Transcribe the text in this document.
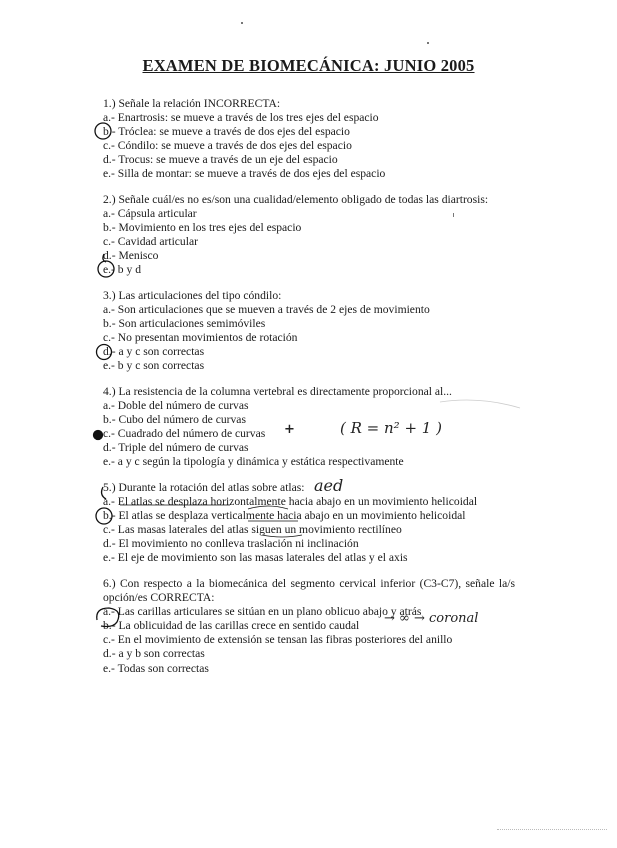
EXAMEN DE BIOMECÁNICA: JUNIO 2005
1.) Señale la relación INCORRECTA:
a.- Enartrosis: se mueve a través de los tres ejes del espacio
b.- Tróclea: se mueve a través de dos ejes del espacio
c.- Cóndilo: se mueve a través de dos ejes del espacio
d.- Trocus: se mueve a través de un eje del espacio
e.- Silla de montar: se mueve a través de dos ejes del espacio
2.) Señale cuál/es no es/son una cualidad/elemento obligado de todas las diartrosis:
a.- Cápsula articular
b.- Movimiento en los tres ejes del espacio
c.- Cavidad articular
d.- Menisco
e.- b y d
3.) Las articulaciones del tipo cóndilo:
a.- Son articulaciones que se mueven a través de 2 ejes de movimiento
b.- Son articulaciones semimóviles
c.- No presentan movimientos de rotación
d.- a y c son correctas
e.- b y c son correctas
4.) La resistencia de la columna vertebral es directamente proporcional al...
a.- Doble del número de curvas
b.- Cubo del número de curvas
c.- Cuadrado del número de curvas
d.- Triple del número de curvas
e.- a y c según la tipología y dinámica y estática respectivamente
5.) Durante la rotación del atlas sobre atlas:
a.- El atlas se desplaza horizontalmente hacia abajo en un movimiento helicoidal
b.- El atlas se desplaza verticalmente hacia abajo en un movimiento helicoidal
c.- Las masas laterales del atlas siguen un movimiento rectilíneo
d.- El movimiento no conlleva traslación ni inclinación
e.- El eje de movimiento son las masas laterales del atlas y el axis
6.) Con respecto a la biomecánica del segmento cervical inferior (C3-C7), señale la/s opción/es CORRECTA:
a.- Las carillas articulares se sitúan en un plano oblicuo abajo y atrás
b.- La oblicuidad de las carillas crece en sentido caudal
c.- En el movimiento de extensión se tensan las fibras posteriores del anillo
d.- a y b son correctas
e.- Todas son correctas
( R = n² + 1 )
aed
→ ∞ → coronal
+
